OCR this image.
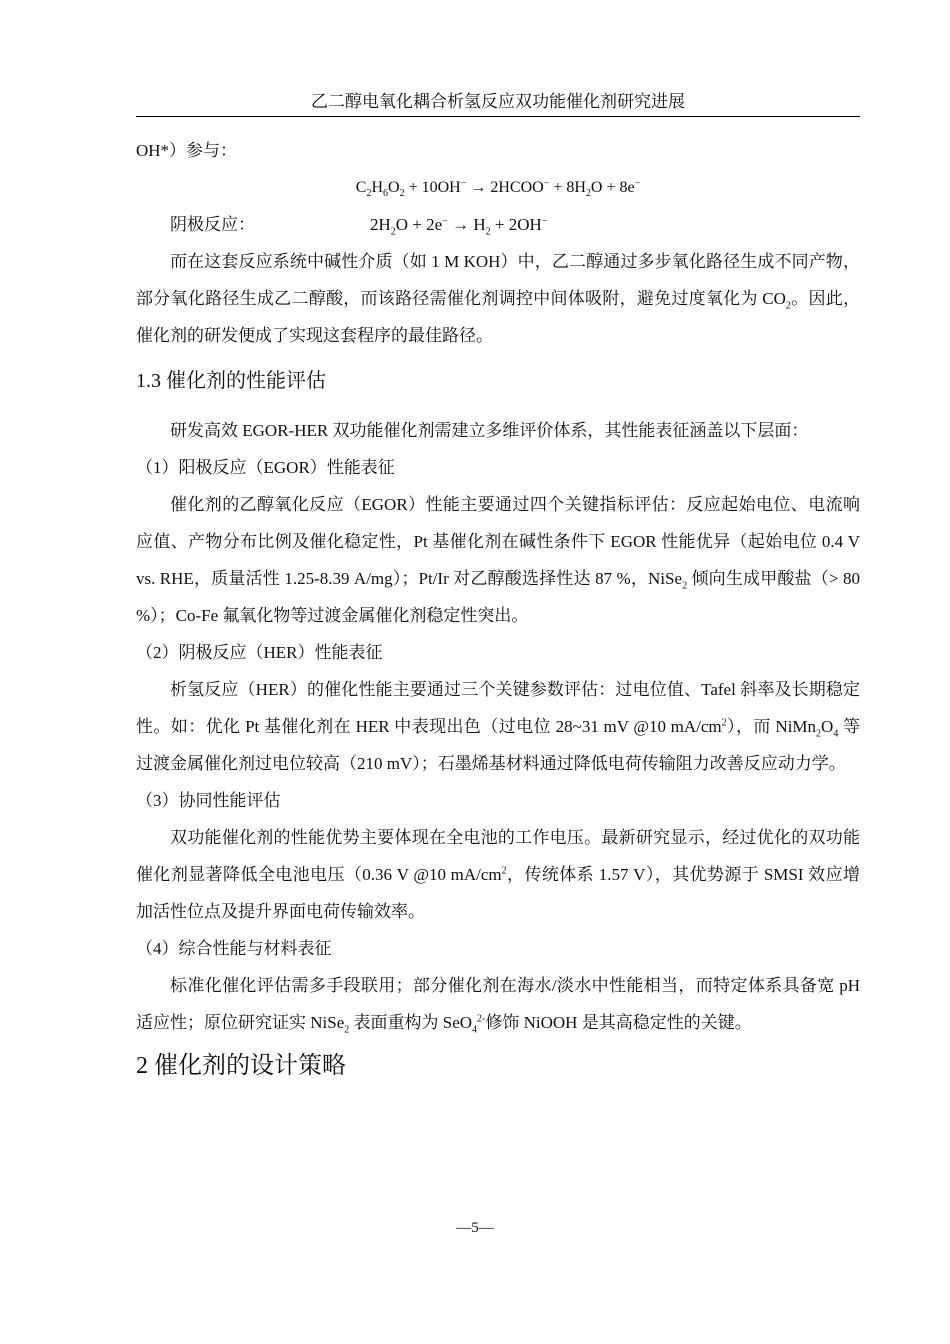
乙二醇电氧化耦合析氢反应双功能催化剂研究进展

OH*）参与：

$C_2H_6O_2 + 10OH^-$ → 2HCOO− + $8H_2O + 8e^-$

阴极反应：	$2H_2O + 2e^- \to H_2 + 2OH^-$

而在这套反应系统中碱性介质（如 1 M KOH）中，乙二醇通过多步氧化路径生成不同产物，部分氧化路径生成乙二醇酸，而该路径需催化剂调控中间体吸附，避免过度氧化为 $CO_2$。因此，催化剂的研发便成了实现这套程序的最佳路径。

1.3 催化剂的性能评估

研发高效 EGOR-HER 双功能催化剂需建立多维评价体系，其性能表征涵盖以下层面：

（1）阳极反应（EGOR）性能表征

催化剂的乙醇氧化反应（EGOR）性能主要通过四个关键指标评估：反应起始电位、电流响应值、产物分布比例及催化稳定性，Pt 基催化剂在碱性条件下 EGOR 性能优异（起始电位 0.4 V vs. RHE，质量活性 1.25-8.39 A/mg）；Pt/Ir 对乙醇酸选择性达 87 %，NiSe$_2$ 倾向生成甲酸盐（> 80 %）；Co-Fe 氟氧化物等过渡金属催化剂稳定性突出。

（2）阴极反应（HER）性能表征

析氢反应（HER）的催化性能主要通过三个关键参数评估：过电位值、Tafel 斜率及长期稳定性。如：优化 Pt 基催化剂在 HER 中表现出色（过电位 28~31 mV @10 $mA/cm^2$），而 $NiMn_2O_4$ 等过渡金属催化剂过电位较高（210 mV）；石墨烯基材料通过降低电荷传输阻力改善反应动力学。

（3）协同性能评估

双功能催化剂的性能优势主要体现在全电池的工作电压。最新研究显示，经过优化的双功能催化剂显著降低全电池电压（0.36 V @10 $mA/cm^2$，传统体系 1.57 V），其优势源于 SMSI 效应增加活性位点及提升界面电荷传输效率。

（4）综合性能与材料表征

标准化催化评估需多手段联用；部分催化剂在海水/淡水中性能相当，而特定体系具备宽 pH 适应性；原位研究证实 NiSe$_2$ 表面重构为 SeO$_4^{2-}$修饰 NiOOH 是其高稳定性的关键。

2 催化剂的设计策略

—5—
